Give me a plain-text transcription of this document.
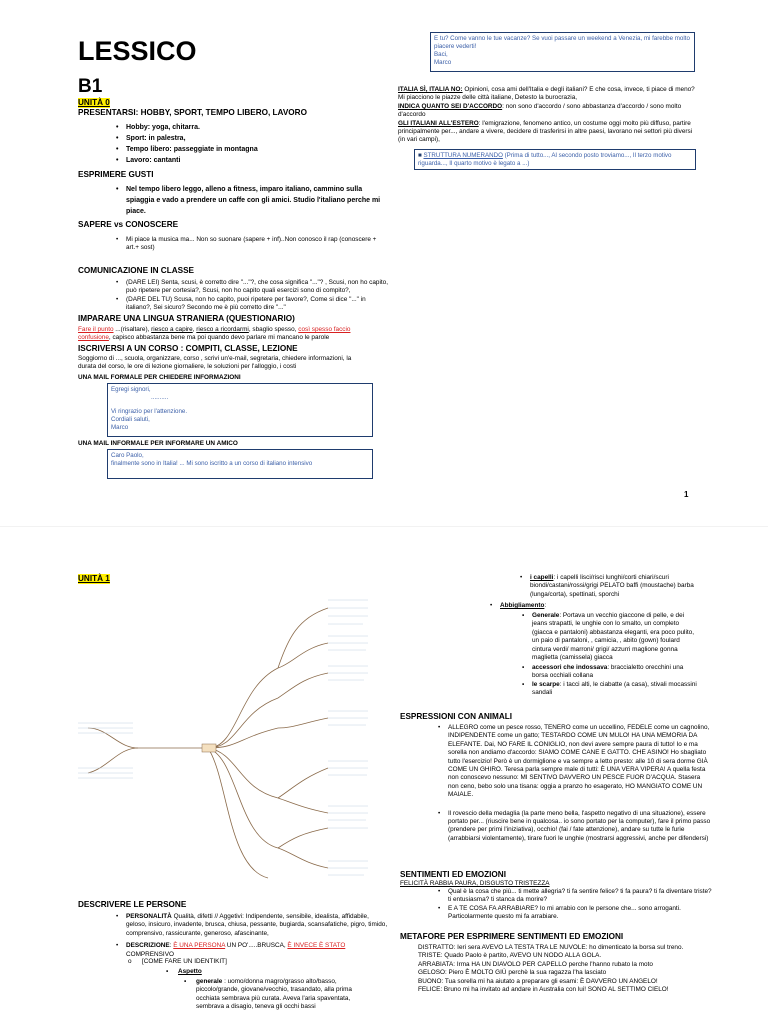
LESSICO
B1
UNITÀ 0
PRESENTARSI: HOBBY, SPORT, TEMPO LIBERO, LAVORO
• Hobby: yoga, chitarra.
• Sport: in palestra,
• Tempo libero: passeggiate in montagna
• Lavoro: cantanti
ESPRIMERE GUSTI
• Nel tempo libero leggo, alleno a fitness, imparo italiano, cammino sulla spiaggia e vado a prendere un caffe con gli amici. Studio l'italiano perche mi piace.
SAPERE vs CONOSCERE
• Mi piace la musica ma... Non so suonare (sapere + inf)..Non conosco il rap (conoscere + art.+ sost)
COMUNICAZIONE IN CLASSE
• (DARE LEI) Senta, scusi, è corretto dire "..."?, che cosa significa "..."? , Scusi, non ho capito, può ripetere per cortesia?, Scusi, non ho capito quali esercizi sono di compito?,
• (DARE DEL TU) Scusa, non ho capito, puoi ripetere per favore?, Come si dice "..." in italiano?, Sei sicuro? Secondo me è più corretto dire "..."
IMPARARE UNA LINGUA STRANIERA (QUESTIONARIO)
Fare il punto ...(risaltare), riesco a capire, riesco a ricordarmi, sbaglio spesso, così spesso faccio confusione, capisco abbastanza bene ma poi quando devo parlare mi mancano le parole
ISCRIVERSI A UN CORSO : COMPITI, CLASSE, LEZIONE
Soggiorno di ..., scuola, organizzare, corso , scrivi un'e-mail, segretaria, chiedere informazioni, la durata del corso, le ore di lezione giornaliere, le soluzioni per l'alloggio, i costi
UNA MAIL FORMALE PER CHIEDERE INFORMAZIONI
Egregi signori,
..........
Vi ringrazio per l'attenzione.
Cordiali saluti,
Marco
UNA MAIL INFORMALE PER INFORMARE UN AMICO
Caro Paolo,
finalmente sono in Italia! ... Mi sono iscritto a un corso di italiano intensivo
E tu? Come vanno le tue vacanze? Se vuoi passare un weekend a Venezia, mi farebbe molto piacere vederti!
Baci,
Marco
ITALIA SÌ, ITALIA NO: Opinioni, cosa ami dell'Italia e degli italiani? E che cosa, invece, ti piace di meno? Mi piacciono le piazze delle città italiane, Detesto la burocrazia,
INDICA QUANTO SEI D'ACCORDO: non sono d'accordo / sono abbastanza d'accordo / sono molto d'accordo
GLI ITALIANI ALL'ESTERO: l'emigrazione, fenomeno antico, un costume oggi molto più diffuso, partire principalmente per..., andare a vivere, decidere di trasferirsi in altre paesi, lavorano nei settori più diversi (in vari campi),
■ STRUTTURA NUMERANDO (Prima di tutto..., Al secondo posto troviamo..., Il terzo motivo riguarda..., Il quarto motivo è legato a ...)
1
UNITÀ 1
DESCRIVERE LE PERSONE
• PERSONALITÀ Qualità, difetti // Aggetivi: Indipendente, sensibile, idealista, affidabile, geloso, insicuro, invadente, brusca, chiusa, pessante, bugiarda, scansafatiche, pigro, timido, comprensivo, rassicurante, generoso, afascinante,
• DESCRIZIONE: È UNA PERSONA UN PO'.....BRUSCA, È INVECE È STATO COMPRENSIVO
o [COME FARE UN IDENTIKIT]
▪ Aspetto
▪ generale : uomo/donna magro/grasso alto/basso, piccolo/grande, giovane/vecchio, trasandato, alla prima occhiata sembrava più curata. Aveva l'aria spaventata, sembrava a disagio, teneva gli occhi bassi
• i capelli: i capelli lisci/risci lunghi/corti chiari/scuri biondi/castani/rossi/grigi PELATO baffi (moustache) barba (lunga/corta), spettinati, sporchi
• Abbigliamento:
▪ Generale: Portava un vecchio giaccone di pelle, e dei jeans strapatti, le unghie con lo smalto, un completo (giacca e pantaloni) abbastanza eleganti, era poco pulito, un paio di pantaloni, , camicia, , abito (gown) foulard cintura verdi/ marroni/ grigi/ azzurri maglione gonna maglietta (camissela) giacca
▪ accessori che indossava: braccialetto orecchini una borsa occhiali collana
▪ le scarpe: i tacci alti, le ciabatte (a casa), stivali mocassini sandali
ESPRESSIONI CON ANIMALI
• ALLEGRO come un pesce rosso, TENERO come un uccellino, FEDELE come un cagnolino, INDIPENDENTE come un gatto; TESTARDO COME UN MULO! HA UNA MEMORIA DA ELEFANTE. Dai, NO FARE IL CONIGLIO, non devi avere sempre paura di tutto! Io e ma sorella non andiamo d'accordo: SIAMO COME CANE E GATTO. CHE ASINO! Ho sbagliato tutto l'esercizio! Però è un dormiglione e va sempre a letto presto: alle 10 di sera dorme GIÀ COME UN GHIRO. Teresa parla sempre male di tutti: È UNA VERA VIPERA! A quella festa non conoscevo nessuno: MI SENTIVO DAVVERO UN PESCE FUOR D'ACQUA. Stasera non ceno, bebo solo una tisana: oggia a pranzo ho esagerato, HO MANGIATO COME UN MAIALE.
• Il rovescio della medaglia (la parte meno bella, l'aspetto negativo di una situazione), essere portato per... (riuscire bene in qualcosa.. io sono portato per la computer), fare il primo passo (prendere per primi l'iniziativa), occhio! (fai / fate attenzione), andare su tutte le furie (arrabbiarsi violentamente), tirare fuori le unghie (mostrarsi aggressivi, anche per difendersi)
SENTIMENTI ED EMOZIONI
FELICITÀ RABBIA PAURA, DISGUSTO TRISTEZZA
• Qual è la cosa che più... ti mette allegria? ti fa sentire felice? ti fa paura? ti fa diventare triste? ti entusiasma? ti stanca da morire?
• E A TE COSA FA ARRABIARE? Io mi arrabio con le persone che... sono arroganti. Particolarmente questo mi fa arrabiare.
METAFORE PER ESPRIMERE SENTIMENTI ED EMOZIONI
DISTRATTO: Ieri sera AVEVO LA TESTA TRA LE NUVOLE: ho dimenticato la borsa sul treno.
TRISTE: Quado Paolo è partito, AVEVO UN NODO ALLA GOLA.
ARRABIATA: Irma HA UN DIAVOLO PER CAPELLO perche l'hanno rubato la moto
GELOSO: Piero È MOLTO GIÙ perchè la sua ragazza l'ha lasciato
BUONO: Tua sorella mi ha aiutato a preparare gli esami: È DAVVERO UN ANGELO!
FELICE: Bruno mi ha invitato ad andare in Australia con lui! SONO AL SETTIMO CIELO!
